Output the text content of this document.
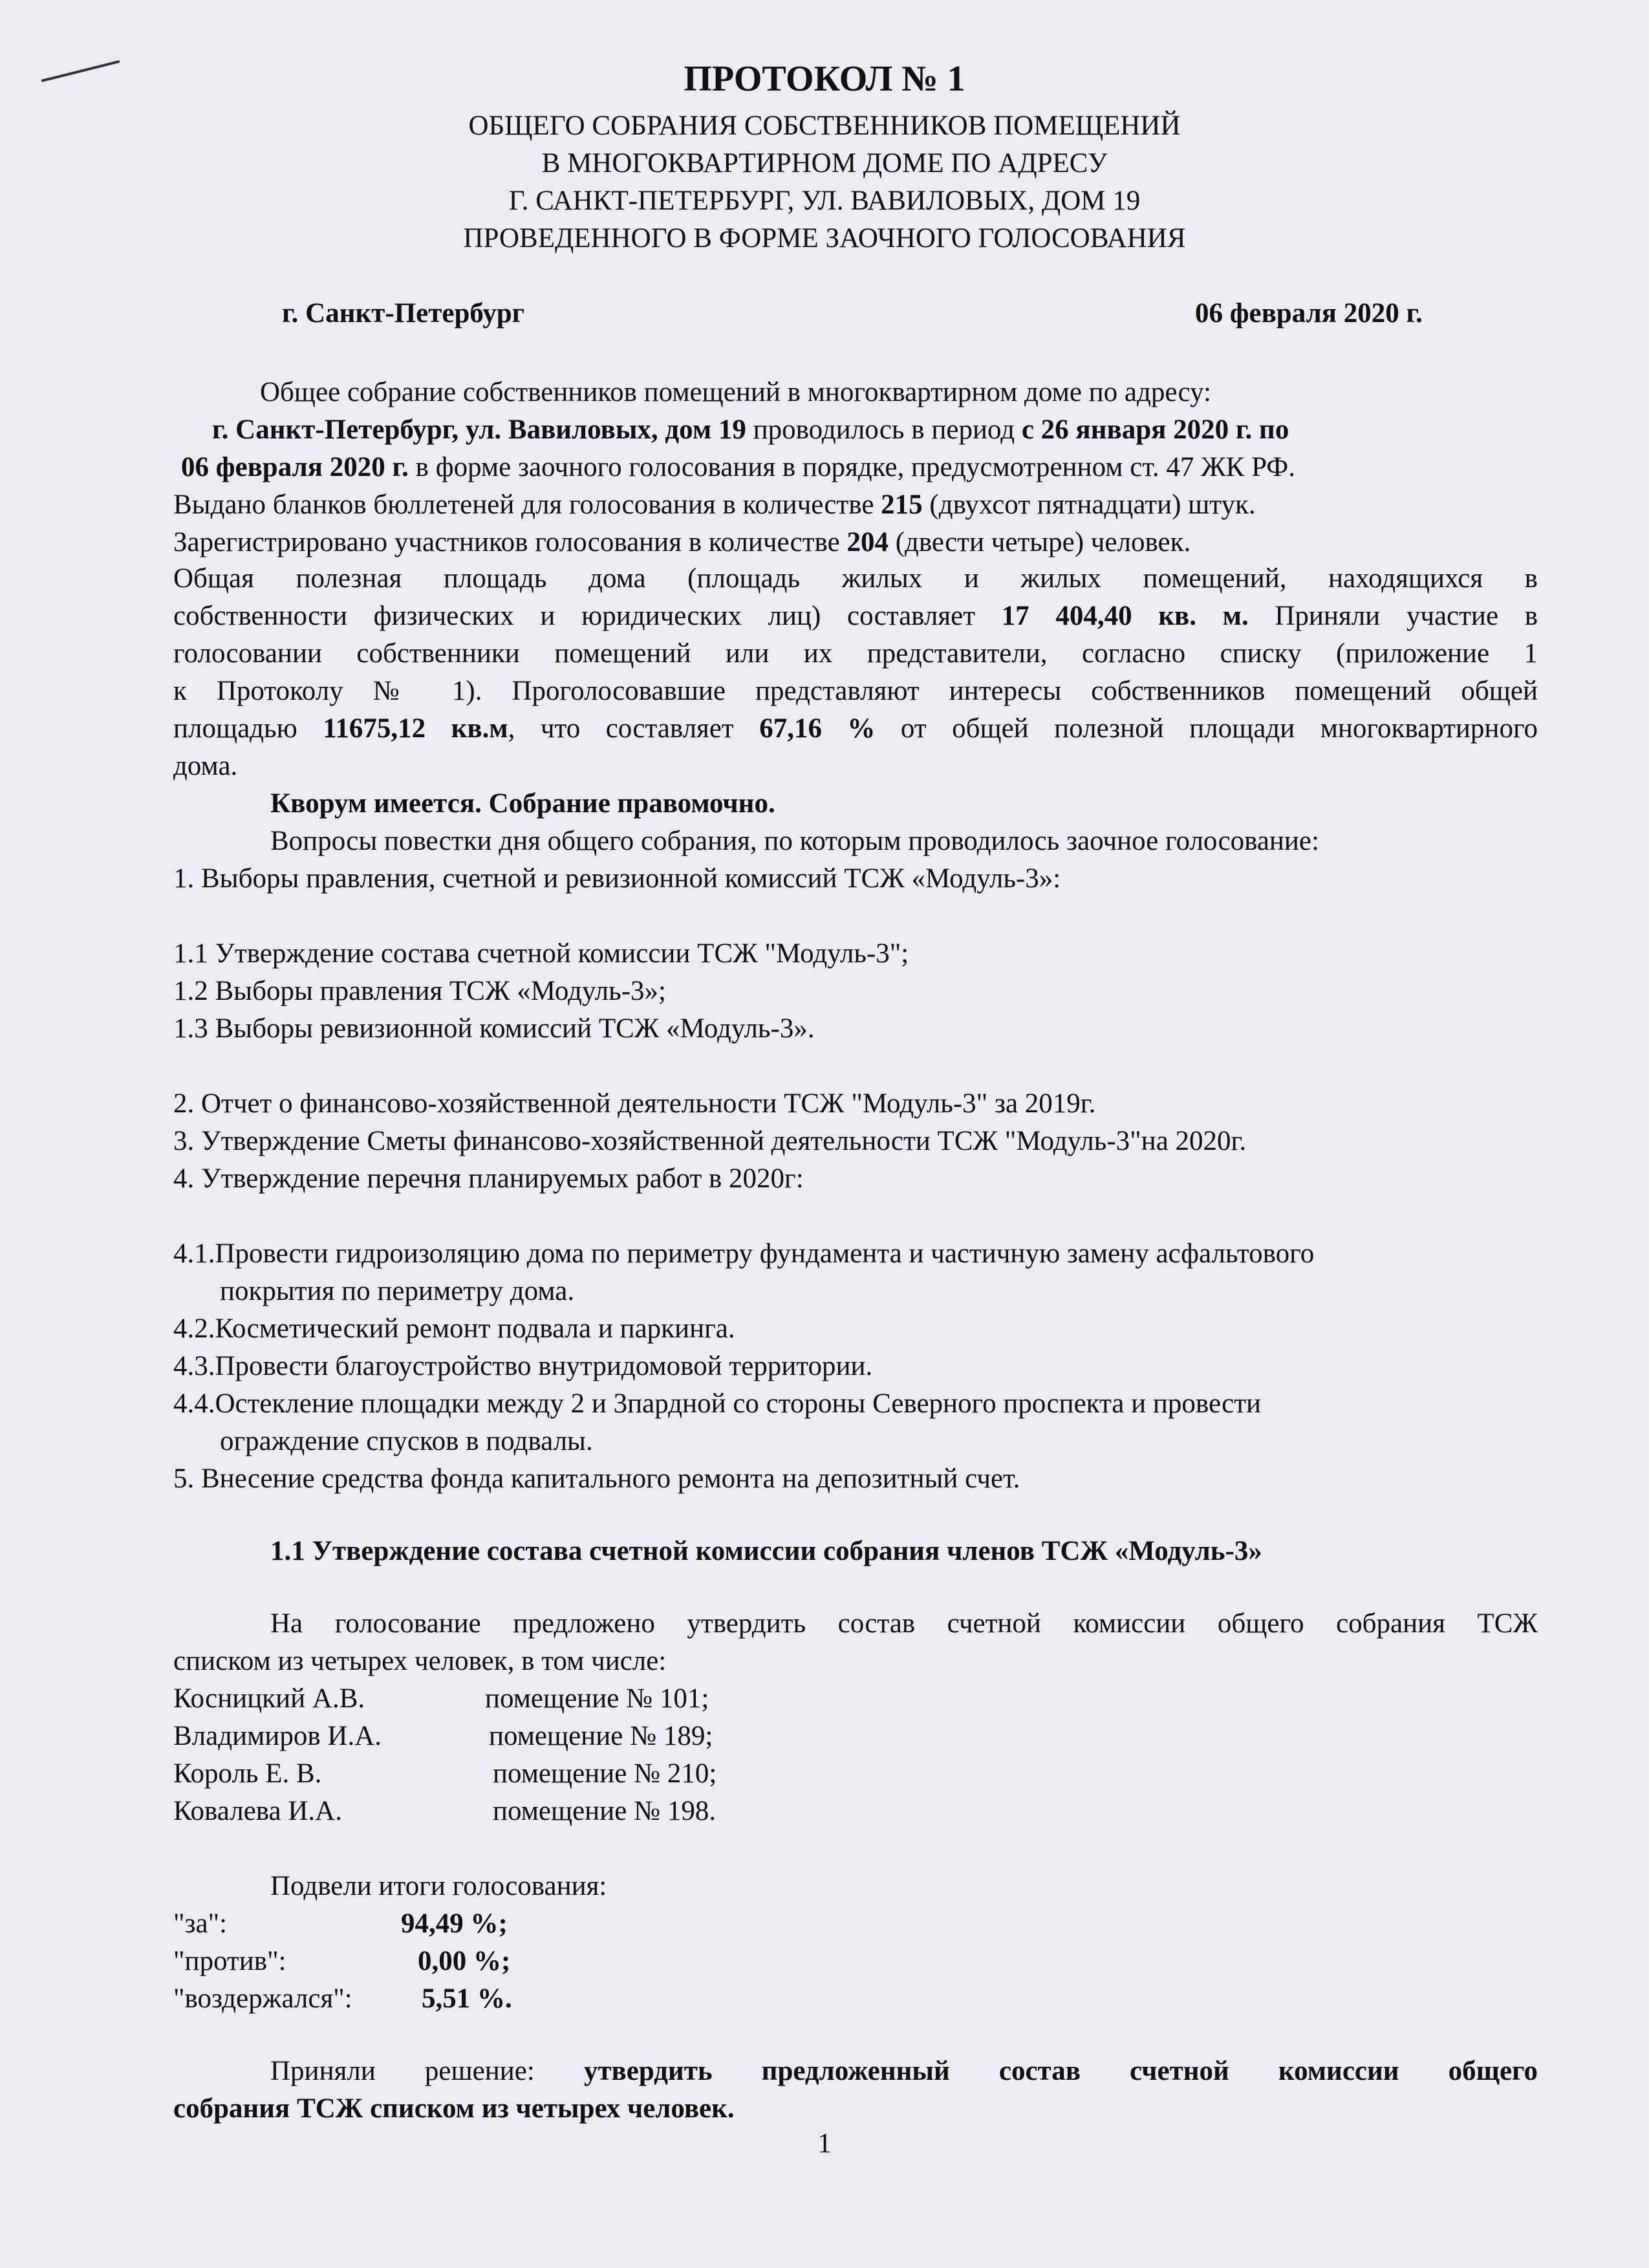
ПРОТОКОЛ № 1
ОБЩЕГО СОБРАНИЯ СОБСТВЕННИКОВ ПОМЕЩЕНИЙ
В МНОГОКВАРТИРНОМ ДОМЕ ПО АДРЕСУ
Г. САНКТ-ПЕТЕРБУРГ, УЛ. ВАВИЛОВЫХ, ДОМ 19
ПРОВЕДЕННОГО В ФОРМЕ ЗАОЧНОГО ГОЛОСОВАНИЯ
г. Санкт-Петербург	06 февраля 2020 г.
Общее собрание собственников помещений в многоквартирном доме по адресу:
г. Санкт-Петербург, ул. Вавиловых, дом 19 проводилось в период с 26 января 2020 г. по
06 февраля 2020 г. в форме заочного голосования в порядке, предусмотренном ст. 47 ЖК РФ.
Выдано бланков бюллетеней для голосования в количестве 215 (двухсот пятнадцати) штук.
Зарегистрировано участников голосования в количестве 204 (двести четыре) человек.
Общая полезная площадь дома (площадь жилых и жилых помещений, находящихся в
собственности физических и юридических лиц) составляет 17 404,40 кв. м. Приняли участие в
голосовании собственники помещений или их представители, согласно списку (приложение 1
к Протоколу № 1). Проголосовавшие представляют интересы собственников помещений общей
площадью 11675,12 кв.м, что составляет 67,16 % от общей полезной площади многоквартирного
дома.
Кворум имеется. Собрание правомочно.
Вопросы повестки дня общего собрания, по которым проводилось заочное голосование:
1. Выборы правления, счетной и ревизионной комиссий ТСЖ «Модуль-3»:
1.1 Утверждение состава счетной комиссии ТСЖ "Модуль-3";
1.2 Выборы правления ТСЖ «Модуль-3»;
1.3 Выборы ревизионной комиссий ТСЖ «Модуль-3».
2. Отчет о финансово-хозяйственной деятельности ТСЖ "Модуль-3" за 2019г.
3. Утверждение Сметы финансово-хозяйственной деятельности ТСЖ "Модуль-3"на 2020г.
4. Утверждение перечня планируемых работ в 2020г:
4.1.Провести гидроизоляцию дома по периметру фундамента и частичную замену асфальтового
покрытия по периметру дома.
4.2.Косметический ремонт подвала и паркинга.
4.3.Провести благоустройство внутридомовой территории.
4.4.Остекление площадки между 2 и 3пардной со стороны Северного проспекта и провести
ограждение спусков в подвалы.
5. Внесение средства фонда капитального ремонта на депозитный счет.
1.1 Утверждение состава счетной комиссии собрания членов ТСЖ «Модуль-3»
На голосование предложено утвердить состав счетной комиссии общего собрания ТСЖ
списком из четырех человек, в том числе:
Косницкий А.В.	помещение № 101;
Владимиров И.А.	помещение № 189;
Король Е. В.	помещение № 210;
Ковалева И.А.	помещение № 198.
Подвели итоги голосования:
"за":	94,49 %;
"против":	0,00 %;
"воздержался": 5,51 %.
Приняли решение: утвердить предложенный состав счетной комиссии общего
собрания ТСЖ списком из четырех человек.
1
